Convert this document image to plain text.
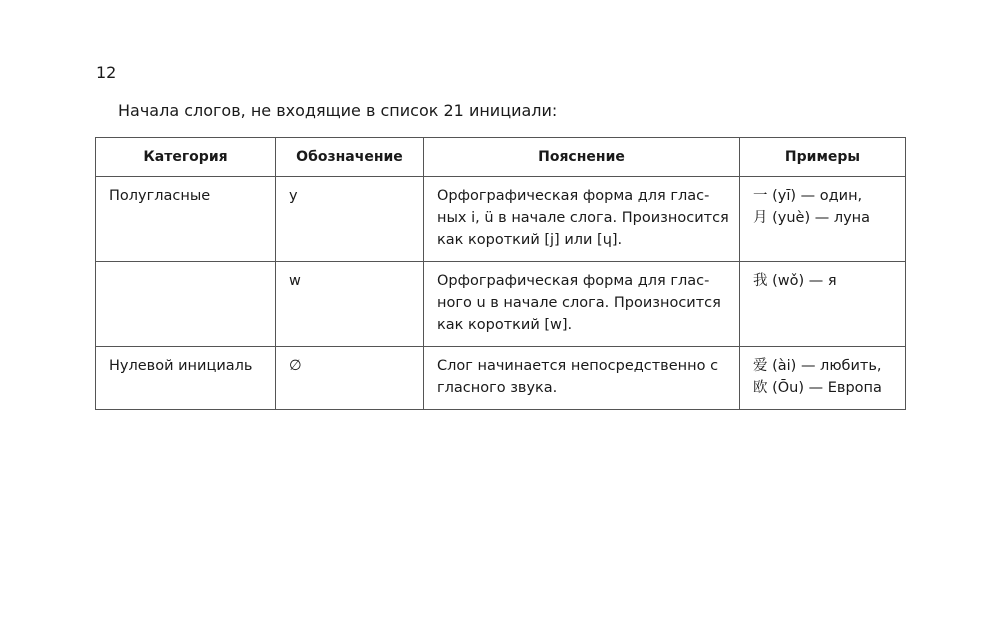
12
Начала слогов, не входящие в список 21 инициали:
Категория	Обозначение	Пояснение	Примеры

Полугласные	y	Орфографическая форма для глас-
ных i, ü в начале слога. Произносится
как короткий [j] или [ɥ].	一 (yī) — один,
月 (yuè) — луна

	w	Орфографическая форма для глас-
ного u в начале слога. Произносится
как короткий [w].	我 (wǒ) — я

Нулевой инициаль	∅	Слог начинается непосредственно с
гласного звука.	爱 (ài) — любить,
欧 (Ōu) — Европа
